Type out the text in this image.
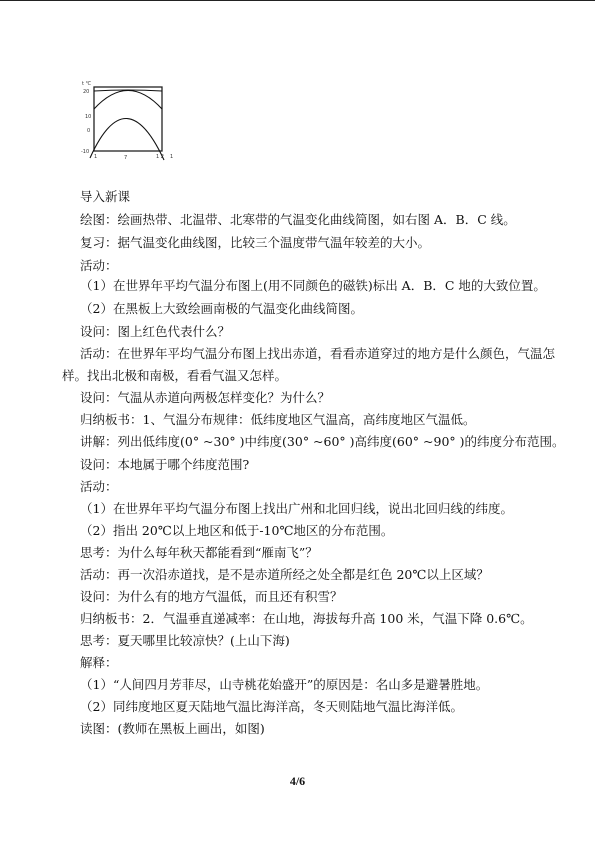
t ℃
20
10
0
-10
1	7	1 2 1
导入新课
绘图：绘画热带、北温带、北寒带的气温变化曲线简图，如右图 A．B．C 线。
复习：据气温变化曲线图，比较三个温度带气温年较差的大小。
活动：
（1）在世界年平均气温分布图上(用不同颜色的磁铁)标出 A．B．C 地的大致位置。
（2）在黑板上大致绘画南极的气温变化曲线简图。
设问：图上红色代表什么？
活动：在世界年平均气温分布图上找出赤道，看看赤道穿过的地方是什么颜色，气温怎
样。找出北极和南极，看看气温又怎样。
设问：气温从赤道向两极怎样变化？为什么？
归纳板书：1、气温分布规律：低纬度地区气温高，高纬度地区气温低。
讲解：列出低纬度(0° ~30° )中纬度(30° ~60° )高纬度(60° ~90° )的纬度分布范围。
设问：本地属于哪个纬度范围?
活动：
（1）在世界年平均气温分布图上找出广州和北回归线，说出北回归线的纬度。
（2）指出 20℃以上地区和低于-10℃地区的分布范围。
思考：为什么每年秋天都能看到“雁南飞”？
活动：再一次沿赤道找，是不是赤道所经之处全都是红色 20℃以上区域？
设问：为什么有的地方气温低，而且还有积雪？
归纳板书：2．气温垂直递减率：在山地，海拔每升高 100 米，气温下降 0.6℃。
思考：夏天哪里比较凉快？(上山下海)
解释：
（1）“人间四月芳菲尽，山寺桃花始盛开”的原因是：名山多是避暑胜地。
（2）同纬度地区夏天陆地气温比海洋高，冬天则陆地气温比海洋低。
读图：(教师在黑板上画出，如图)
4/6
